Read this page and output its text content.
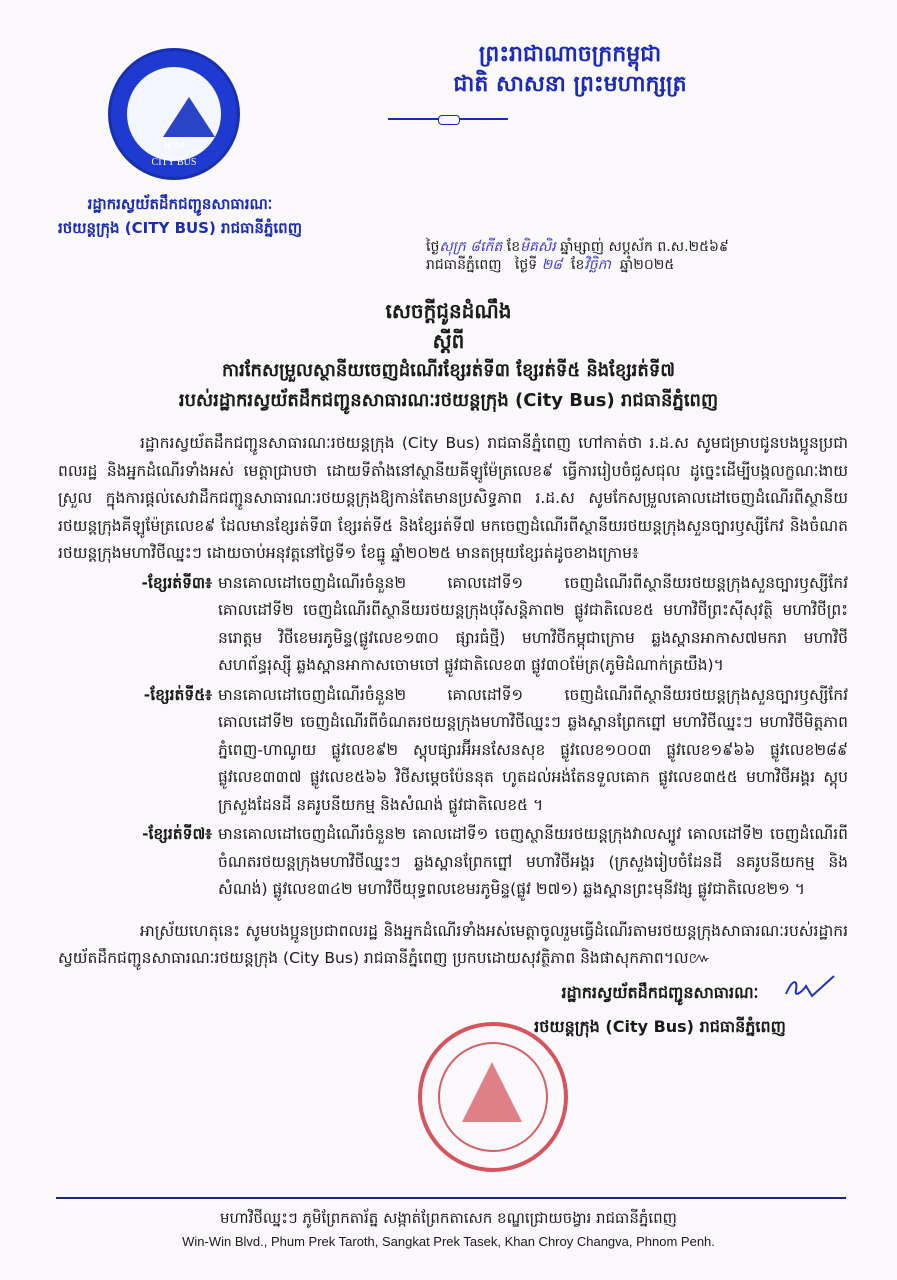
ICM
CITY BUS
ព្រះរាជាណាចក្រកម្ពុជា
ជាតិ សាសនា ព្រះមហាក្សត្រ
រដ្ឋាករស្វយ័តដឹកជញ្ជូនសាធារណៈ
រថយន្តក្រុង (CITY BUS) រាជធានីភ្នំពេញ
ថ្ងៃសុក្រ ៨កើត ខែមិគសិរ ឆ្នាំម្សាញ់ សប្តស័ក ព.ស.២៥៦៩
រាជធានីភ្នំពេញ ថ្ងៃទី ២៨ ខែវិច្ឆិកា ឆ្នាំ២០២៥
សេចក្តីជូនដំណឹង
ស្តីពី
ការកែសម្រួលស្ថានីយចេញដំណើរខ្សែរត់ទី៣ ខ្សែរត់ទី៥ និងខ្សែរត់ទី៧
របស់រដ្ឋាករស្វយ័តដឹកជញ្ជូនសាធារណៈរថយន្តក្រុង (City Bus) រាជធានីភ្នំពេញ

រដ្ឋាករស្វយ័តដឹកជញ្ជូនសាធារណៈរថយន្តក្រុង (City Bus) រាជធានីភ្នំពេញ ហៅកាត់ថា រ.ដ.ស សូមជម្រាបជូនបងប្អូនប្រជាពលរដ្ឋ និងអ្នកដំណើរទាំងអស់ មេត្តាជ្រាបថា ដោយទីតាំងនៅស្ថានីយគីឡូម៉ែត្រលេខ៩ ធ្វើការរៀបចំជួសជុល ដូច្នេះដើម្បីបង្កលក្ខណៈងាយស្រួល ក្នុងការផ្តល់សេវាដឹកជញ្ជូនសាធារណៈរថយន្តក្រុងឱ្យកាន់តែមានប្រសិទ្ធភាព រ.ដ.ស សូមកែសម្រួលគោលដៅចេញដំណើរពីស្ថានីយរថយន្តក្រុងគីឡូម៉ែត្រលេខ៩ ដែលមានខ្សែរត់ទី៣ ខ្សែរត់ទី៥ និងខ្សែរត់ទី៧ មកចេញដំណើរពីស្ថានីយរថយន្តក្រុងសួនច្បារឫស្សីកែវ និងចំណតរថយន្តក្រុងមហាវិថីឈ្នះៗ ដោយចាប់អនុវត្តនៅថ្ងៃទី១ ខែធ្នូ ឆ្នាំ២០២៥ មានតម្រុយខ្សែរត់ដូចខាងក្រោម៖

-ខ្សែរត់ទី៣៖ មានគោលដៅចេញដំណើរចំនួន២ គោលដៅទី១ ចេញដំណើរពីស្ថានីយរថយន្តក្រុងសួនច្បារឫស្សីកែវ គោលដៅទី២ ចេញដំណើរពីស្ថានីយរថយន្តក្រុងបុរីសន្តិភាព២ ផ្លូវជាតិលេខ៥ មហាវិថីព្រះស៊ីសុវត្ថិ មហាវិថីព្រះនរោត្តម វិថីខេមរភូមិន្ទ(ផ្លូវលេខ១៣០ ផ្សារធំថ្មី) មហាវិថីកម្ពុជាក្រោម ឆ្លងស្ពានអាកាស៧មករា មហាវិថីសហព័ន្ធរុស្ស៊ី ឆ្លងស្ពានអាកាសចោមចៅ ផ្លូវជាតិលេខ៣ ផ្លូវ៣០ម៉ែត្រ(ភូមិដំណាក់ត្រយឹង)។
-ខ្សែរត់ទី៥៖ មានគោលដៅចេញដំណើរចំនួន២ គោលដៅទី១ ចេញដំណើរពីស្ថានីយរថយន្តក្រុងសួនច្បារឫស្សីកែវ គោលដៅទី២ ចេញដំណើរពីចំណតរថយន្តក្រុងមហាវិថីឈ្នះៗ ឆ្លងស្ពានព្រែកព្នៅ មហាវិថីឈ្នះៗ មហាវិថីមិត្តភាពភ្នំពេញ-ហាណូយ ផ្លូវលេខ៩២ ស្តុបផ្សារអ៊ីអនសែនសុខ ផ្លូវលេខ១០០៣ ផ្លូវលេខ១៩៦៦ ផ្លូវលេខ២៨៩ ផ្លូវលេខ៣៣៧ ផ្លូវលេខ៥៦៦ វិថីសម្តេចប៉ែននុត ហូតដល់អង់តែនទួលគោក ផ្លូវលេខ៣៥៥ មហាវិថីអង្គរ ស្តុបក្រសួងដែនដី នគរូបនីយកម្ម និងសំណង់ ផ្លូវជាតិលេខ៥ ។
-ខ្សែរត់ទី៧៖ មានគោលដៅចេញដំណើរចំនួន២ គោលដៅទី១ ចេញស្ថានីយរថយន្តក្រុងវាលស្បូវ គោលដៅទី២ ចេញដំណើរពីចំណតរថយន្តក្រុងមហាវិថីឈ្នះៗ ឆ្លងស្ពានព្រែកព្នៅ មហាវិថីអង្គរ (ក្រសួងរៀបចំដែនដី នគរូបនីយកម្ម និងសំណង់) ផ្លូវលេខ៣៤២ មហាវិថីយុទ្ធពលខេមរភូមិន្ទ(ផ្លូវ ២៧១) ឆ្លងស្ពានព្រះមុនីវង្ស ផ្លូវជាតិលេខ២១ ។

អាស្រ័យហេតុនេះ សូមបងប្អូនប្រជាពលរដ្ឋ និងអ្នកដំណើរទាំងអស់មេត្តាចូលរួមធ្វើដំណើរតាមរថយន្តក្រុងសាធារណៈរបស់រដ្ឋាករស្វយ័តដឹកជញ្ជូនសាធារណៈរថយន្តក្រុង (City Bus) រាជធានីភ្នំពេញ ប្រកបដោយសុវត្ថិភាព និងផាសុកភាព។ល៚

រដ្ឋាករស្វយ័តដឹកជញ្ជូនសាធារណៈ
រថយន្តក្រុង (City Bus) រាជធានីភ្នំពេញ
មហាវិថីឈ្នះៗ ភូមិព្រែកតារ័ត្ន សង្កាត់ព្រែកតាសេក ខណ្ឌជ្រោយចង្វារ រាជធានីភ្នំពេញ
Win-Win Blvd., Phum Prek Taroth, Sangkat Prek Tasek, Khan Chroy Changva, Phnom Penh.
